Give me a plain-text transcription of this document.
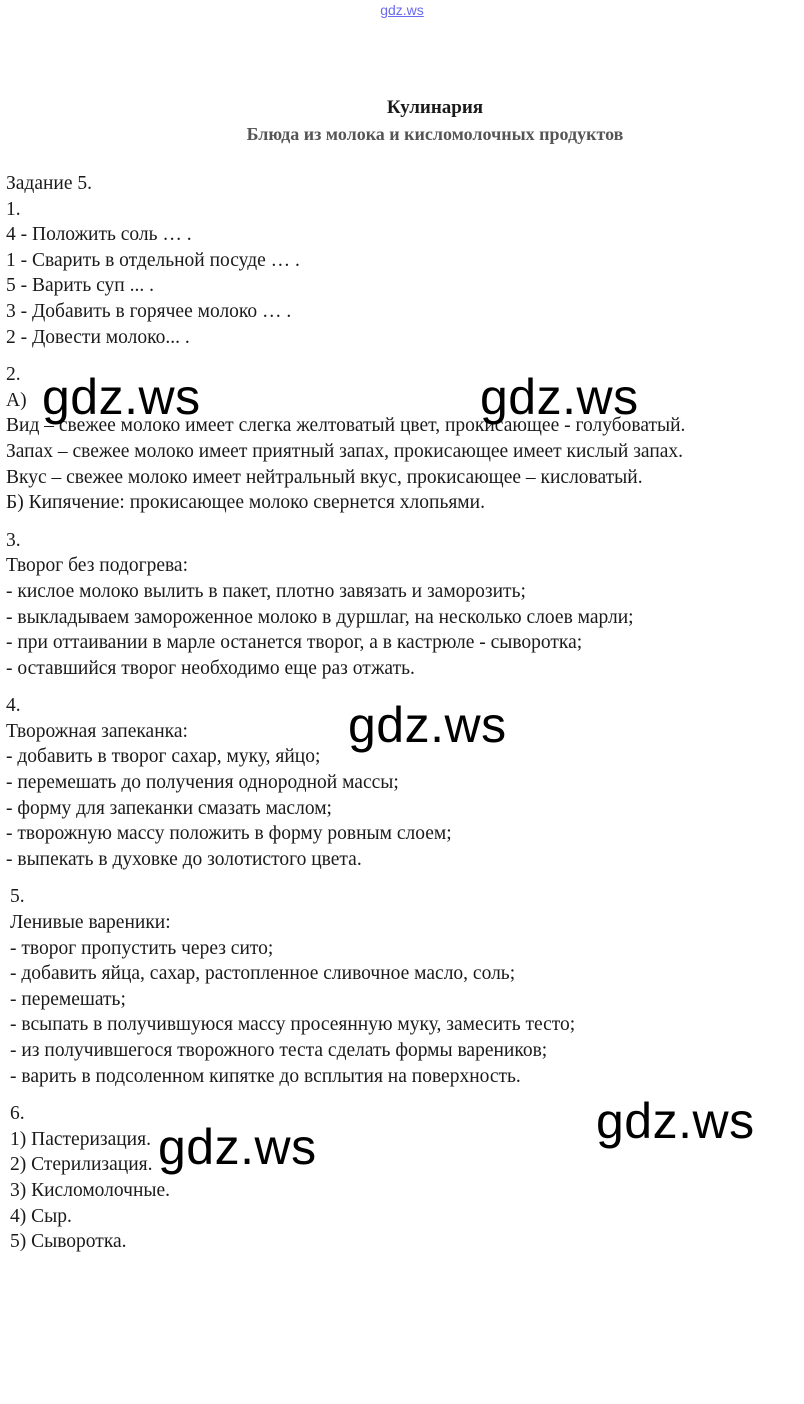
gdz.ws
Кулинария
Блюда из молока и кисломолочных продуктов
Задание 5.
1.
4 - Положить соль … .
1 - Сварить в отдельной посуде … .
5 - Варить суп ... .
3 - Добавить в горячее молоко … .
2 - Довести молоко... .
2.
А)
Вид – свежее молоко имеет слегка желтоватый цвет, прокисающее - голубоватый.
Запах – свежее молоко имеет приятный запах, прокисающее имеет кислый запах.
Вкус – свежее молоко имеет нейтральный вкус, прокисающее – кисловатый.
Б) Кипячение: прокисающее молоко свернется хлопьями.
3.
Творог без подогрева:
- кислое молоко вылить в пакет, плотно завязать и заморозить;
- выкладываем замороженное молоко в дуршлаг, на несколько слоев марли;
- при оттаивании в марле останется творог, а в кастрюле - сыворотка;
- оставшийся творог необходимо еще раз отжать.
4.
Творожная запеканка:
- добавить в творог сахар, муку, яйцо;
- перемешать до получения однородной массы;
- форму для запеканки смазать маслом;
- творожную массу положить в форму ровным слоем;
- выпекать в духовке до золотистого цвета.
5.
Ленивые вареники:
- творог пропустить через сито;
- добавить яйца, сахар, растопленное сливочное масло, соль;
- перемешать;
- всыпать в получившуюся массу просеянную муку, замесить тесто;
- из получившегося творожного теста сделать формы вареников;
- варить в подсоленном кипятке до всплытия на поверхность.
6.
1) Пастеризация.
2) Стерилизация.
3) Кисломолочные.
4) Сыр.
5) Сыворотка.
gdz.ws	gdz.ws
gdz.ws
gdz.ws
gdz.ws
